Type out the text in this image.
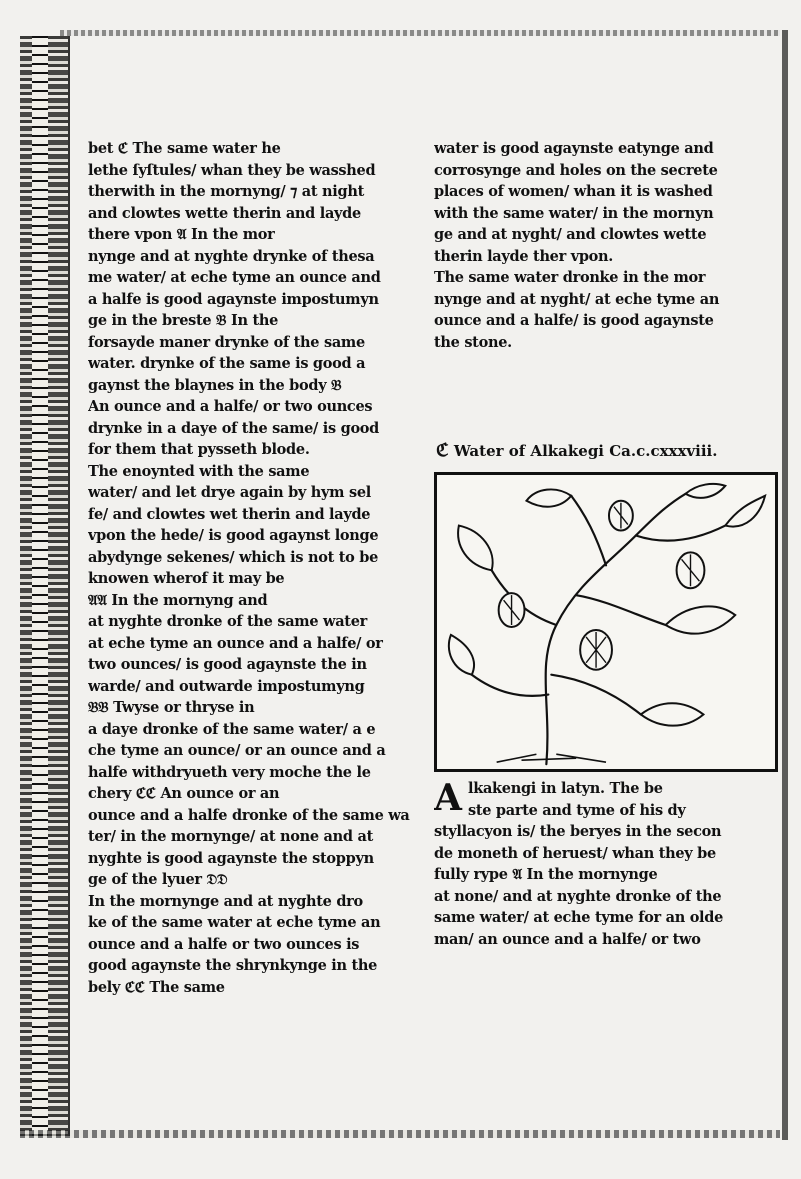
bet ℭ The same water he
lethe ſyſtules/ whan they be wasshed
therwith in the mornyng/ ⁊ at night
and clowtes wette therin and layde
there vpon 𝔄 In the mor
nynge and at nyghte drynke of thesa
me water/ at eche tyme an ounce and
a halfe is good agaynste impostumyn
ge in the breste 𝔅 In the
forsayde maner drynke of the same
water. drynke of the same is good a
gaynst the blaynes in the body 𝔅
An ounce and a halfe/ or two ounces
drynke in a daye of the same/ is good
for them that pysseth blode.
The enoynted with the same
water/ and let drye again by hym sel
fe/ and clowtes wet therin and layde
vpon the hede/ is good agaynst longe
abydynge sekenes/ which is not to be
knowen wherof it may be
𝔄𝔄 In the mornyng and
at nyghte dronke of the same water
at eche tyme an ounce and a halfe/ or
two ounces/ is good agaynste the in
warde/ and outwarde impostumyng
𝔅𝔅 Twyse or thryse in
a daye dronke of the same water/ a e
che tyme an ounce/ or an ounce and a
halfe withdryueth very moche the le
chery ℭℭ An ounce or an
ounce and a halfe dronke of the same wa
ter/ in the mornynge/ at none and at
nyghte is good agaynste the stoppyn
ge of the lyuer 𝔇𝔇
In the mornynge and at nyghte dro
ke of the same water at eche tyme an
ounce and a halfe or two ounces is
good agaynste the shrynkynge in the
bely ℭℭ The same
water is good agaynste eatynge and
corrosynge and holes on the secrete
places of women/ whan it is washed
with the same water/ in the mornyn
ge and at nyght/ and clowtes wette
therin layde ther vpon.
The same water dronke in the mor
nynge and at nyght/ at eche tyme an
ounce and a halfe/ is good agaynste
the stone.
ℭ Water of Alkakegi Ca.c.cxxxviii.
A lkakengi in latyn. The be
ste parte and tyme of his dy
styllacyon is/ the beryes in the secon
de moneth of heruest/ whan they be
fully rype 𝔄 In the mornynge
at none/ and at nyghte dronke of the
same water/ at eche tyme for an olde
man/ an ounce and a halfe/ or two
